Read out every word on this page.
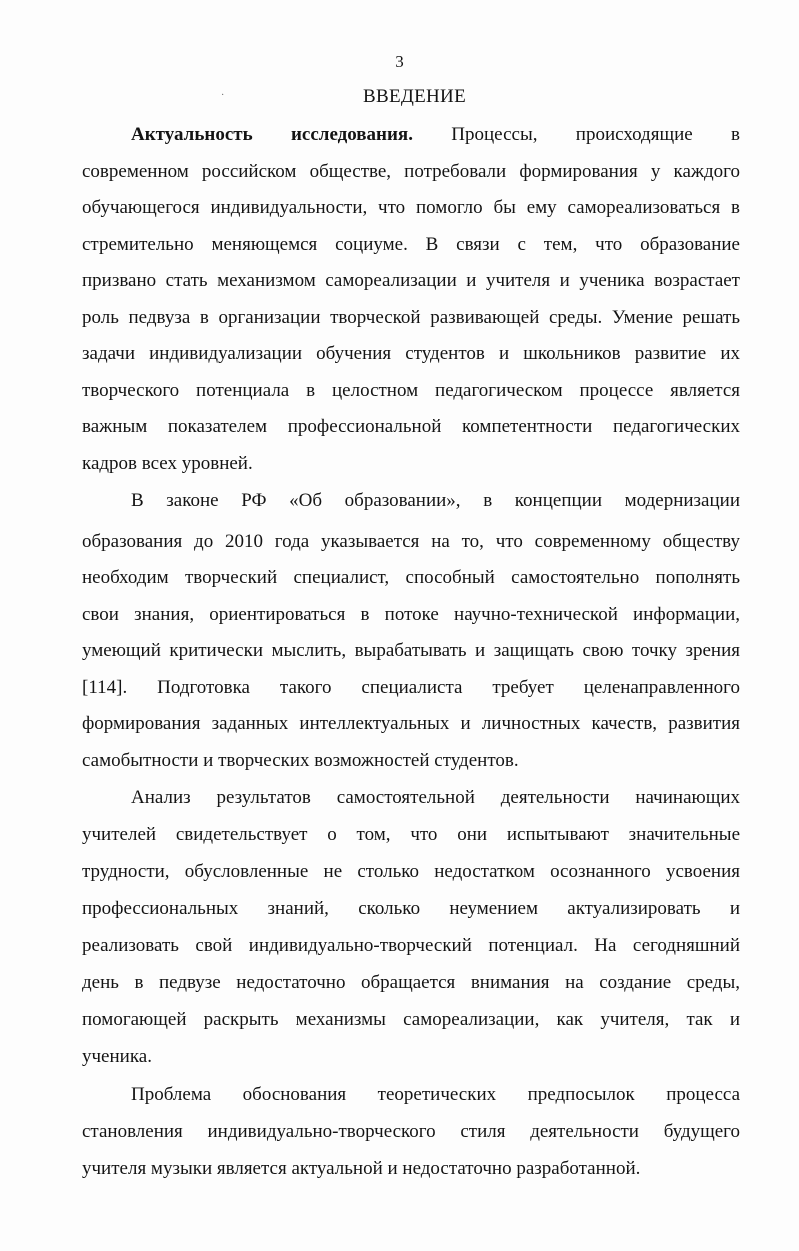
3
·	ВВЕДЕНИЕ
Актуальность исследования. Процессы, происходящие в
современном российском обществе, потребовали формирования у каждого
обучающегося индивидуальности, что помогло бы ему самореализоваться в
стремительно меняющемся социуме. В связи с тем, что образование
призвано стать механизмом самореализации и учителя и ученика возрастает
роль педвуза в организации творческой развивающей среды. Умение решать
задачи индивидуализации обучения студентов и школьников развитие их
творческого потенциала в целостном педагогическом процессе является
важным показателем профессиональной компетентности педагогических
кадров всех уровней.
В законе РФ «Об образовании», в концепции модернизации
образования до 2010 года указывается на то, что современному обществу
необходим творческий специалист, способный самостоятельно пополнять
свои знания, ориентироваться в потоке научно-технической информации,
умеющий критически мыслить, вырабатывать и защищать свою точку зрения
[114]. Подготовка такого специалиста требует целенаправленного
формирования заданных интеллектуальных и личностных качеств, развития
самобытности и творческих возможностей студентов.
Анализ результатов самостоятельной деятельности начинающих
учителей свидетельствует о том, что они испытывают значительные
трудности, обусловленные не столько недостатком осознанного усвоения
профессиональных знаний, сколько неумением актуализировать и
реализовать свой индивидуально-творческий потенциал. На сегодняшний
день в педвузе недостаточно обращается внимания на создание среды,
помогающей раскрыть механизмы самореализации, как учителя, так и
ученика.
Проблема обоснования теоретических предпосылок процесса
становления индивидуально-творческого стиля деятельности будущего
учителя музыки является актуальной и недостаточно разработанной.
